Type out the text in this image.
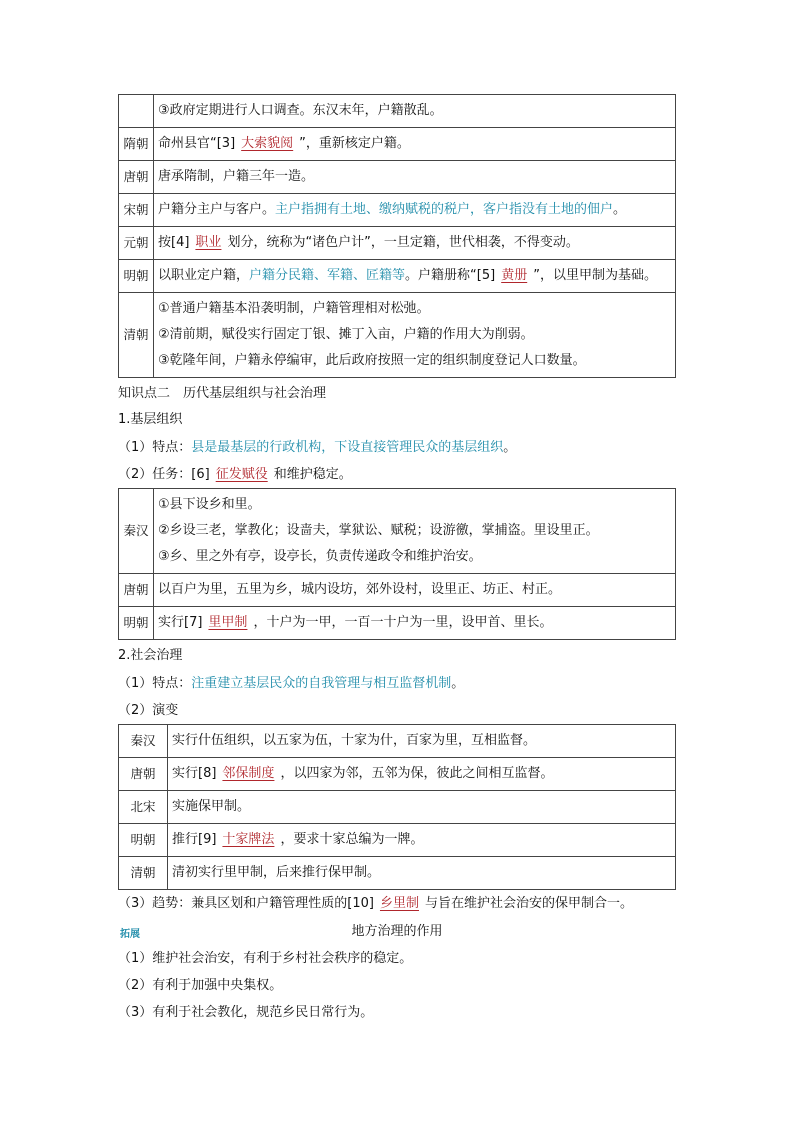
	③政府定期进行人口调查。东汉末年，户籍散乱。
隋朝	命州县官“[3] 大索貌阅 ”，重新核定户籍。
唐朝	唐承隋制，户籍三年一造。
宋朝	户籍分主户与客户。主户指拥有土地、缴纳赋税的税户，客户指没有土地的佃户。
元朝	按[4] 职业 划分，统称为“诸色户计”，一旦定籍，世代相袭，不得变动。
明朝	以职业定户籍，户籍分民籍、军籍、匠籍等。户籍册称“[5] 黄册 ”，以里甲制为基础。
清朝	①普通户籍基本沿袭明制，户籍管理相对松弛。
②清前期，赋役实行固定丁银、摊丁入亩，户籍的作用大为削弱。
③乾隆年间，户籍永停编审，此后政府按照一定的组织制度登记人口数量。
知识点二　历代基层组织与社会治理
1.基层组织
（1）特点：县是最基层的行政机构，下设直接管理民众的基层组织。
（2）任务：[6] 征发赋役 和维护稳定。
秦汉	①县下设乡和里。
②乡设三老，掌教化；设啬夫，掌狱讼、赋税；设游徼，掌捕盗。里设里正。
③乡、里之外有亭，设亭长，负责传递政令和维护治安。

唐朝	以百户为里，五里为乡，城内设坊，郊外设村，设里正、坊正、村正。
明朝	实行[7] 里甲制 ，十户为一甲，一百一十户为一里，设甲首、里长。
2.社会治理
（1）特点：注重建立基层民众的自我管理与相互监督机制。
（2）演变
秦汉	实行什伍组织，以五家为伍，十家为什，百家为里，互相监督。
唐朝	实行[8] 邻保制度 ，以四家为邻，五邻为保，彼此之间相互监督。
北宋	实施保甲制。
明朝	推行[9] 十家牌法 ，要求十家总编为一牌。
清朝	清初实行里甲制，后来推行保甲制。
（3）趋势：兼具区划和户籍管理性质的[10] 乡里制 与旨在维护社会治安的保甲制合一。
拓展	地方治理的作用
（1）维护社会治安，有利于乡村社会秩序的稳定。
（2）有利于加强中央集权。
（3）有利于社会教化，规范乡民日常行为。
